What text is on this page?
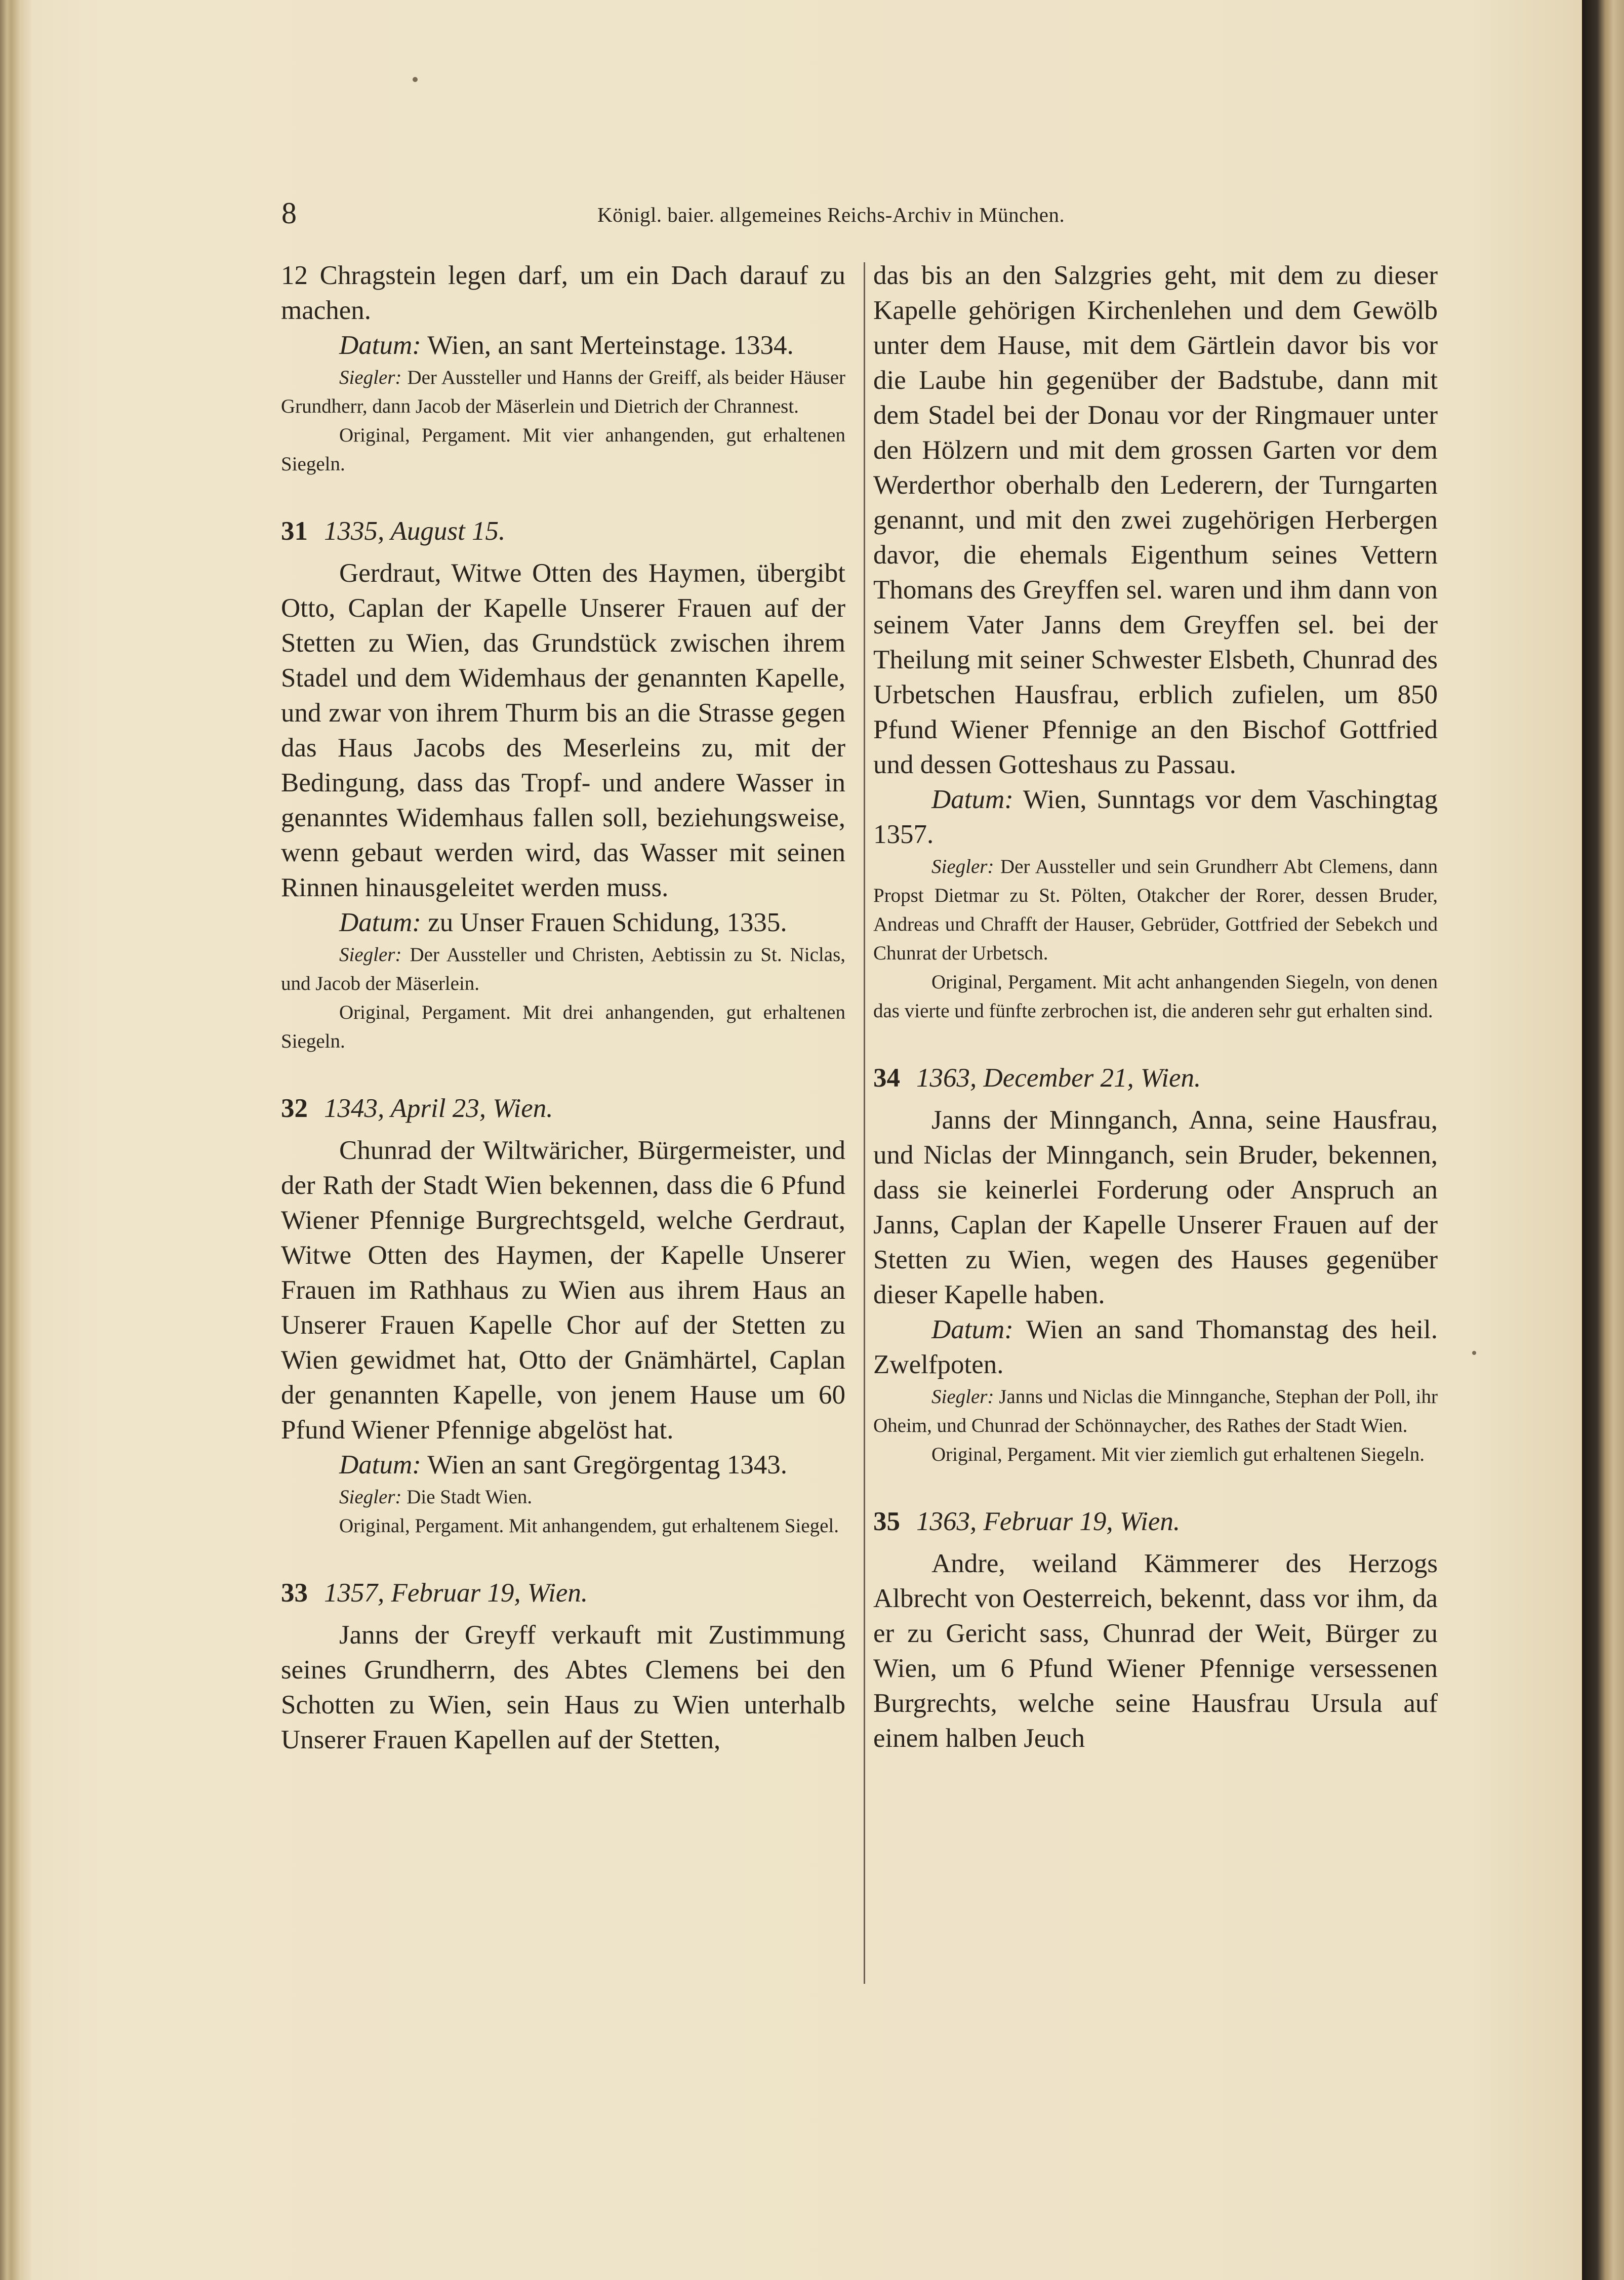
8	Königl. baier. allgemeines Reichs-Archiv in München.

12 Chragstein legen darf, um ein Dach darauf zu machen.

Datum: Wien, an sant Merteinstage. 1334.

Siegler: Der Aussteller und Hanns der Greiff, als beider Häuser Grundherr, dann Jacob der Mäserlein und Dietrich der Chrannest.

Original, Pergament. Mit vier anhangenden, gut erhaltenen Siegeln.

31 1335, August 15.

Gerdraut, Witwe Otten des Haymen, übergibt Otto, Caplan der Kapelle Unserer Frauen auf der Stetten zu Wien, das Grundstück zwischen ihrem Stadel und dem Widemhaus der genannten Kapelle, und zwar von ihrem Thurm bis an die Strasse gegen das Haus Jacobs des Meserleins zu, mit der Bedingung, dass das Tropf- und andere Wasser in genanntes Widemhaus fallen soll, beziehungsweise, wenn gebaut werden wird, das Wasser mit seinen Rinnen hinausgeleitet werden muss.

Datum: zu Unser Frauen Schidung, 1335.

Siegler: Der Aussteller und Christen, Aebtissin zu St. Niclas, und Jacob der Mäserlein.

Original, Pergament. Mit drei anhangenden, gut erhaltenen Siegeln.

32 1343, April 23, Wien.

Chunrad der Wiltwäricher, Bürgermeister, und der Rath der Stadt Wien bekennen, dass die 6 Pfund Wiener Pfennige Burgrechtsgeld, welche Gerdraut, Witwe Otten des Haymen, der Kapelle Unserer Frauen im Rathhaus zu Wien aus ihrem Haus an Unserer Frauen Kapelle Chor auf der Stetten zu Wien gewidmet hat, Otto der Gnämhärtel, Caplan der genannten Kapelle, von jenem Hause um 60 Pfund Wiener Pfennige abgelöst hat.

Datum: Wien an sant Gregörgentag 1343.

Siegler: Die Stadt Wien.

Original, Pergament. Mit anhangendem, gut erhaltenem Siegel.

33 1357, Februar 19, Wien.

Janns der Greyff verkauft mit Zustimmung seines Grundherrn, des Abtes Clemens bei den Schotten zu Wien, sein Haus zu Wien unterhalb Unserer Frauen Kapellen auf der Stetten,

das bis an den Salzgries geht, mit dem zu dieser Kapelle gehörigen Kirchenlehen und dem Gewölb unter dem Hause, mit dem Gärtlein davor bis vor die Laube hin gegenüber der Badstube, dann mit dem Stadel bei der Donau vor der Ringmauer unter den Hölzern und mit dem grossen Garten vor dem Werderthor oberhalb den Lederern, der Turngarten genannt, und mit den zwei zugehörigen Herbergen davor, die ehemals Eigenthum seines Vettern Thomans des Greyffen sel. waren und ihm dann von seinem Vater Janns dem Greyffen sel. bei der Theilung mit seiner Schwester Elsbeth, Chunrad des Urbetschen Hausfrau, erblich zufielen, um 850 Pfund Wiener Pfennige an den Bischof Gottfried und dessen Gotteshaus zu Passau.

Datum: Wien, Sunntags vor dem Vaschingtag 1357.

Siegler: Der Aussteller und sein Grundherr Abt Clemens, dann Propst Dietmar zu St. Pölten, Otakcher der Rorer, dessen Bruder, Andreas und Chrafft der Hauser, Gebrüder, Gottfried der Sebekch und Chunrat der Urbetsch.

Original, Pergament. Mit acht anhangenden Siegeln, von denen das vierte und fünfte zerbrochen ist, die anderen sehr gut erhalten sind.

34 1363, December 21, Wien.

Janns der Minnganch, Anna, seine Hausfrau, und Niclas der Minnganch, sein Bruder, bekennen, dass sie keinerlei Forderung oder Anspruch an Janns, Caplan der Kapelle Unserer Frauen auf der Stetten zu Wien, wegen des Hauses gegenüber dieser Kapelle haben.

Datum: Wien an sand Thomanstag des heil. Zwelfpoten.

Siegler: Janns und Niclas die Minnganche, Stephan der Poll, ihr Oheim, und Chunrad der Schönnaycher, des Rathes der Stadt Wien.

Original, Pergament. Mit vier ziemlich gut erhaltenen Siegeln.

35 1363, Februar 19, Wien.

Andre, weiland Kämmerer des Herzogs Albrecht von Oesterreich, bekennt, dass vor ihm, da er zu Gericht sass, Chunrad der Weit, Bürger zu Wien, um 6 Pfund Wiener Pfennige versessenen Burgrechts, welche seine Hausfrau Ursula auf einem halben Jeuch
